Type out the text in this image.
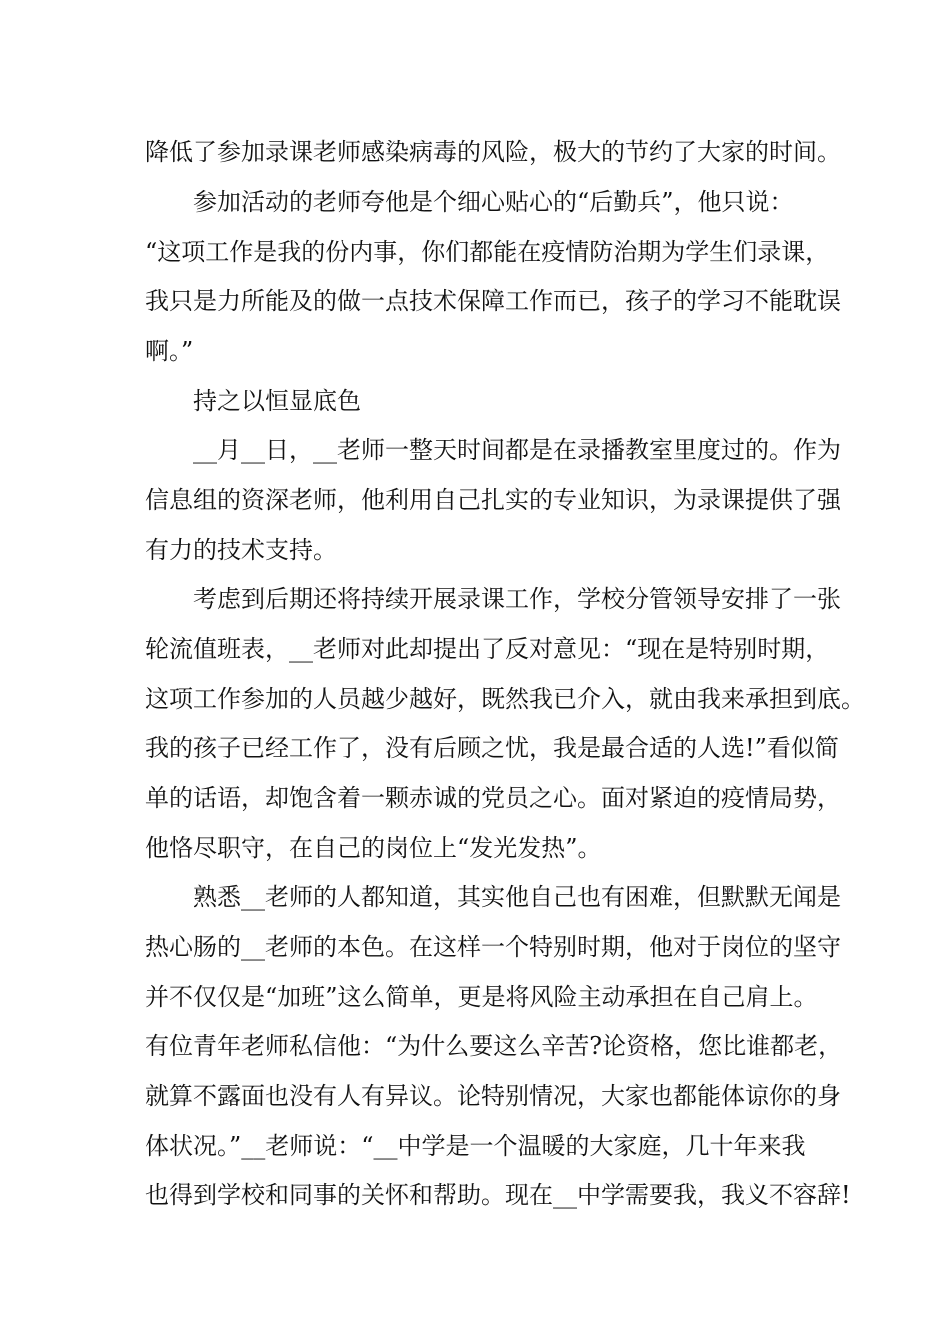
降低了参加录课老师感染病毒的风险，极大的节约了大家的时间。
参加活动的老师夸他是个细心贴心的“后勤兵”，他只说：
“这项工作是我的份内事，你们都能在疫情防治期为学生们录课，
我只是力所能及的做一点技术保障工作而已，孩子的学习不能耽误
啊。”
持之以恒显底色
__月__日，__老师一整天时间都是在录播教室里度过的。作为
信息组的资深老师，他利用自己扎实的专业知识，为录课提供了强
有力的技术支持。
考虑到后期还将持续开展录课工作，学校分管领导安排了一张
轮流值班表，__老师对此却提出了反对意见：“现在是特别时期，
这项工作参加的人员越少越好，既然我已介入，就由我来承担到底。
我的孩子已经工作了，没有后顾之忧，我是最合适的人选!”看似简
单的话语，却饱含着一颗赤诚的党员之心。面对紧迫的疫情局势，
他恪尽职守，在自己的岗位上“发光发热”。
熟悉__老师的人都知道，其实他自己也有困难，但默默无闻是
热心肠的__老师的本色。在这样一个特别时期，他对于岗位的坚守
并不仅仅是“加班”这么简单，更是将风险主动承担在自己肩上。
有位青年老师私信他：“为什么要这么辛苦?论资格，您比谁都老，
就算不露面也没有人有异议。论特别情况，大家也都能体谅你的身
体状况。”__老师说：“__中学是一个温暖的大家庭，几十年来我
也得到学校和同事的关怀和帮助。现在__中学需要我，我义不容辞!
